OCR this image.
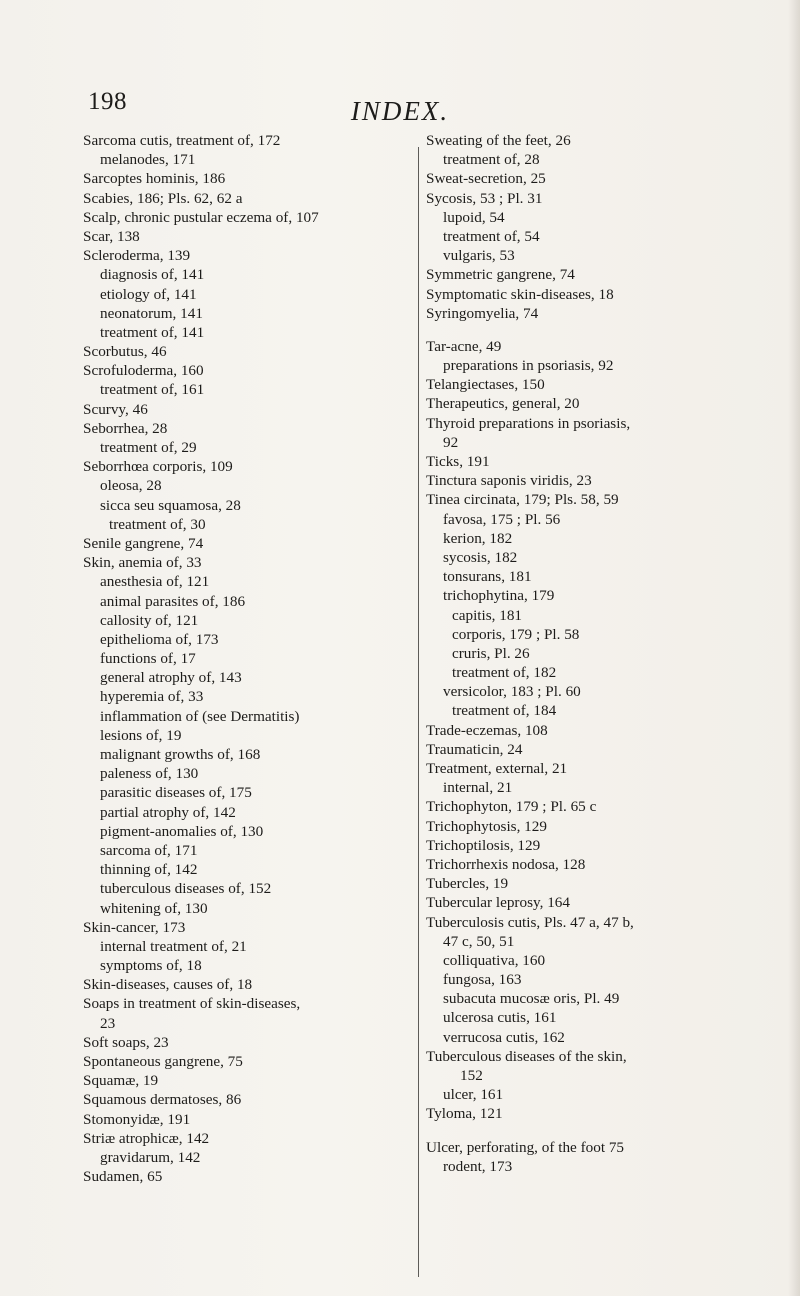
198	INDEX.
Sarcoma cutis, treatment of, 172
melanodes, 171
Sarcoptes hominis, 186
Scabies, 186; Pls. 62, 62 a
Scalp, chronic pustular eczema of, 107
Scar, 138
Scleroderma, 139
diagnosis of, 141
etiology of, 141
neonatorum, 141
treatment of, 141
Scorbutus, 46
Scrofuloderma, 160
treatment of, 161
Scurvy, 46
Seborrhea, 28
treatment of, 29
Seborrhœa corporis, 109
oleosa, 28
sicca seu squamosa, 28
treatment of, 30
Senile gangrene, 74
Skin, anemia of, 33
anesthesia of, 121
animal parasites of, 186
callosity of, 121
epithelioma of, 173
functions of, 17
general atrophy of, 143
hyperemia of, 33
inflammation of (see Dermatitis)
lesions of, 19
malignant growths of, 168
paleness of, 130
parasitic diseases of, 175
partial atrophy of, 142
pigment-anomalies of, 130
sarcoma of, 171
thinning of, 142
tuberculous diseases of, 152
whitening of, 130
Skin-cancer, 173
internal treatment of, 21
symptoms of, 18
Skin-diseases, causes of, 18
Soaps in treatment of skin-diseases,
23
Soft soaps, 23
Spontaneous gangrene, 75
Squamæ, 19
Squamous dermatoses, 86
Stomonyidæ, 191
Striæ atrophicæ, 142
gravidarum, 142
Sudamen, 65
Sweating of the feet, 26
treatment of, 28
Sweat-secretion, 25
Sycosis, 53 ; Pl. 31
lupoid, 54
treatment of, 54
vulgaris, 53
Symmetric gangrene, 74
Symptomatic skin-diseases, 18
Syringomyelia, 74
Tar-acne, 49
preparations in psoriasis, 92
Telangiectases, 150
Therapeutics, general, 20
Thyroid preparations in psoriasis,
92
Ticks, 191
Tinctura saponis viridis, 23
Tinea circinata, 179; Pls. 58, 59
favosa, 175 ; Pl. 56
kerion, 182
sycosis, 182
tonsurans, 181
trichophytina, 179
capitis, 181
corporis, 179 ; Pl. 58
cruris, Pl. 26
treatment of, 182
versicolor, 183 ; Pl. 60
treatment of, 184
Trade-eczemas, 108
Traumaticin, 24
Treatment, external, 21
internal, 21
Trichophyton, 179 ; Pl. 65 c
Trichophytosis, 129
Trichoptilosis, 129
Trichorrhexis nodosa, 128
Tubercles, 19
Tubercular leprosy, 164
Tuberculosis cutis, Pls. 47 a, 47 b,
47 c, 50, 51
colliquativa, 160
fungosa, 163
subacuta mucosæ oris, Pl. 49
ulcerosa cutis, 161
verrucosa cutis, 162
Tuberculous diseases of the skin,
152
ulcer, 161
Tyloma, 121
Ulcer, perforating, of the foot 75
rodent, 173
